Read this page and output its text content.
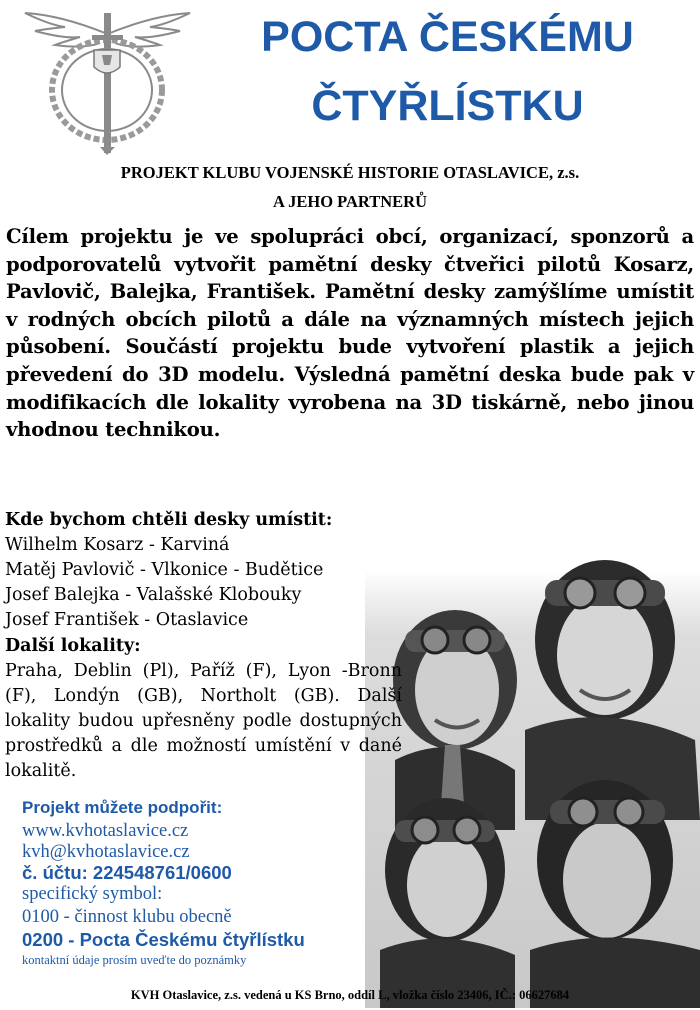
POCTA ČESKÉMU
ČTYŘLÍSTKU
PROJEKT KLUBU VOJENSKÉ HISTORIE OTASLAVICE, z.s.
A JEHO PARTNERŮ
Cílem projektu je ve spolupráci obcí, organizací, sponzorů a podporovatelů vytvořit pamětní desky čtveřici pilotů Kosarz, Pavlovič, Balejka, František. Pamětní desky zamýšlíme umístit v rodných obcích pilotů a dále na významných místech jejich působení. Součástí projektu bude vytvoření plastik a jejich převedení do 3D modelu. Výsledná pamětní deska bude pak v modifikacích dle lokality vyrobena na 3D tiskárně, nebo jinou vhodnou technikou.
Kde bychom chtěli desky umístit:
Wilhelm Kosarz - Karviná
Matěj Pavlovič - Vlkonice - Budětice
Josef Balejka - Valašské Klobouky
Josef František - Otaslavice
Další lokality:
Praha, Deblin (Pl), Paříž (F), Lyon -Bronn (F), Londýn (GB), Northolt (GB). Další lokality budou upřesněny podle dostupných prostředků a dle možností umístění v dané lokalitě.
Projekt můžete podpořit:
www.kvhotaslavice.cz
kvh@kvhotaslavice.cz
č. účtu: 224548761/0600
specifický symbol:
0100 - činnost klubu obecně
0200 - Pocta Českému čtyřlístku
kontaktní údaje prosím uveďte do poznámky
KVH Otaslavice, z.s. vedená u KS Brno, oddíl L, vložka číslo 23406, IČ.: 06627684
